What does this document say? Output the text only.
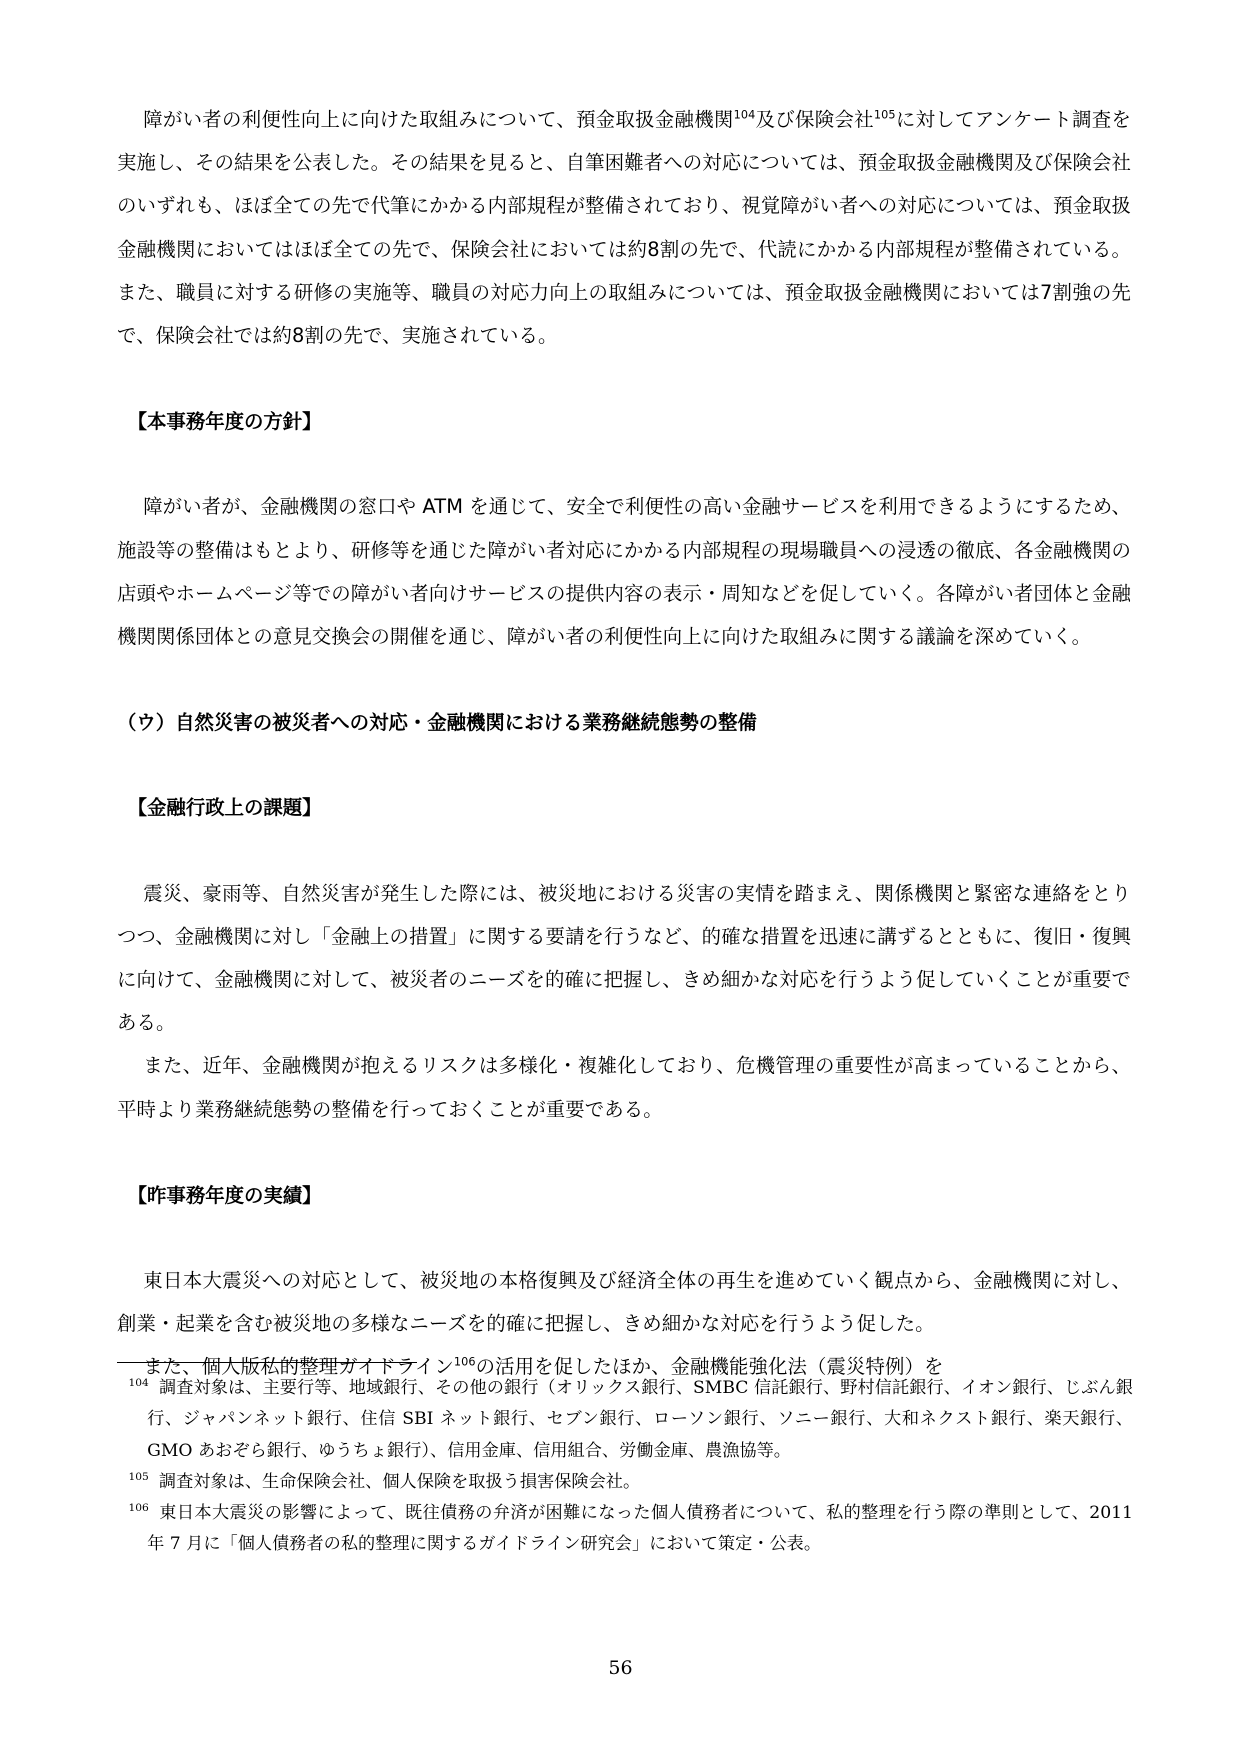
障がい者の利便性向上に向けた取組みについて、預金取扱金融機関$^{104}$及び保険会社$^{105}$に対してアンケート調査を実施し、その結果を公表した。その結果を見ると、自筆困難者への対応については、預金取扱金融機関及び保険会社のいずれも、ほぼ全ての先で代筆にかかる内部規程が整備されており、視覚障がい者への対応については、預金取扱金融機関においてはほぼ全ての先で、保険会社においては約8割の先で、代読にかかる内部規程が整備されている。また、職員に対する研修の実施等、職員の対応力向上の取組みについては、預金取扱金融機関においては7割強の先で、保険会社では約8割の先で、実施されている。

【本事務年度の方針】

障がい者が、金融機関の窓口や ATM を通じて、安全で利便性の高い金融サービスを利用できるようにするため、施設等の整備はもとより、研修等を通じた障がい者対応にかかる内部規程の現場職員への浸透の徹底、各金融機関の店頭やホームページ等での障がい者向けサービスの提供内容の表示・周知などを促していく。各障がい者団体と金融機関関係団体との意見交換会の開催を通じ、障がい者の利便性向上に向けた取組みに関する議論を深めていく。

（ウ）自然災害の被災者への対応・金融機関における業務継続態勢の整備

【金融行政上の課題】

震災、豪雨等、自然災害が発生した際には、被災地における災害の実情を踏まえ、関係機関と緊密な連絡をとりつつ、金融機関に対し「金融上の措置」に関する要請を行うなど、的確な措置を迅速に講ずるとともに、復旧・復興に向けて、金融機関に対して、被災者のニーズを的確に把握し、きめ細かな対応を行うよう促していくことが重要である。

また、近年、金融機関が抱えるリスクは多様化・複雑化しており、危機管理の重要性が高まっていることから、平時より業務継続態勢の整備を行っておくことが重要である。

【昨事務年度の実績】

東日本大震災への対応として、被災地の本格復興及び経済全体の再生を進めていく観点から、金融機関に対し、創業・起業を含む被災地の多様なニーズを的確に把握し、きめ細かな対応を行うよう促した。

また、個人版私的整理ガイドライン$^{106}$の活用を促したほか、金融機能強化法（震災特例）を

$^{104}$ 調査対象は、主要行等、地域銀行、その他の銀行（オリックス銀行、SMBC 信託銀行、野村信託銀行、イオン銀行、じぶん銀行、ジャパンネット銀行、住信 SBI ネット銀行、セブン銀行、ローソン銀行、ソニー銀行、大和ネクスト銀行、楽天銀行、GMO あおぞら銀行、ゆうちょ銀行）、信用金庫、信用組合、労働金庫、農漁協等。

$^{105}$ 調査対象は、生命保険会社、個人保険を取扱う損害保険会社。

$^{106}$ 東日本大震災の影響によって、既往債務の弁済が困難になった個人債務者について、私的整理を行う際の準則として、2011 年 7 月に「個人債務者の私的整理に関するガイドライン研究会」において策定・公表。

56
